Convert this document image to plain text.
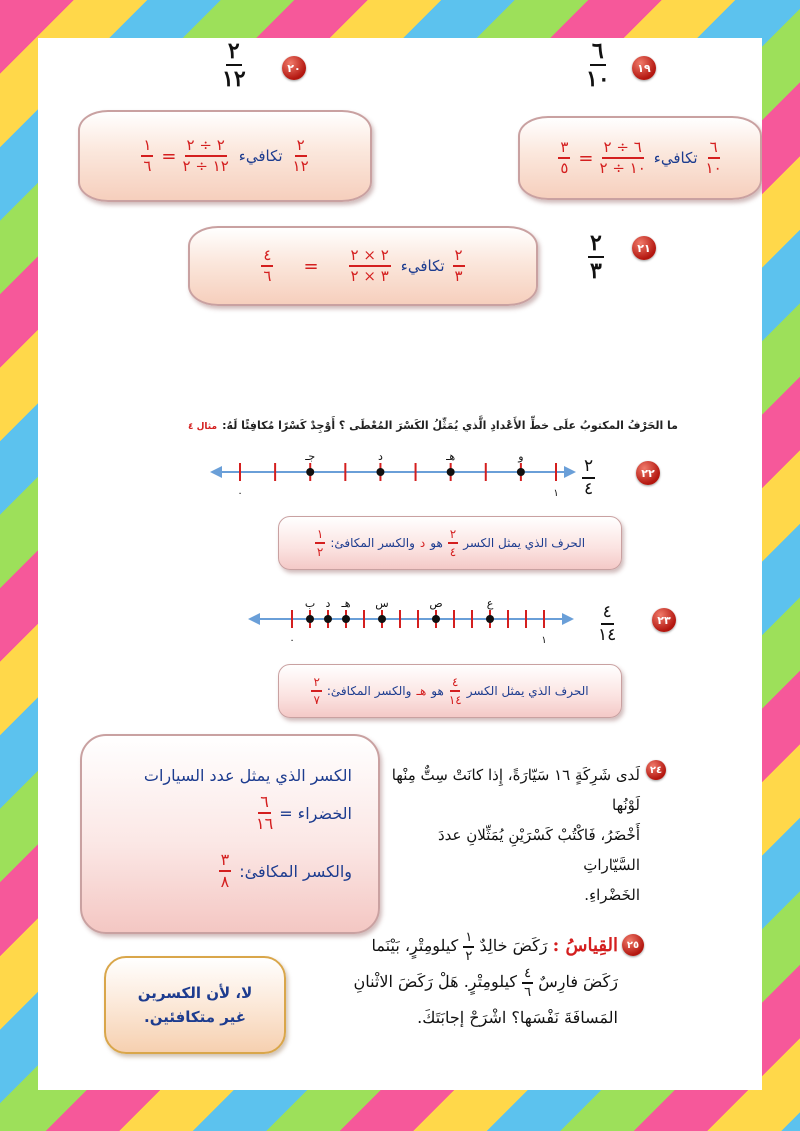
٢٠
$\frac{٢}{١٢}$
$\frac{٢}{١٢}$
تكافيء
$\frac{٢ \div ٢}{١٢ \div ٢}$
=
$\frac{١}{٦}$
١٩
$\frac{٦}{١٠}$
$\frac{٦}{١٠}$
تكافيء
$\frac{٦ \div ٢}{١٠ \div ٢}$
=
$\frac{٣}{٥}$
٢١
$\frac{٢}{٣}$
$\frac{٢}{٣}$
تكافيء
$\frac{٢ \times ٢}{٣ \times ٢}$
=
$\frac{٤}{٦}$
ما الحَرْفُ المكتوبُ علَى خطِّ الأَعْدادِ الَّذي يُمَثِّلُ الكَسْرَ المُعْطَى ؟ أَوْجِدْ كَسْرًا مُكافِئًا لَهُ: مثال ٤
٢٢
$\frac{٢}{٤}$
جـ	د	هـ	و
٠	١
الحرف الذي يمثل الكسر
$\frac{٢}{٤}$
هو
د
والكسر المكافئ:
$\frac{١}{٢}$
٢٣
$\frac{٤}{١٤}$
ب د هـ س	ص	ع
٠	١
الحرف الذي يمثل الكسر
$\frac{٤}{١٤}$
هو
هـ
والكسر المكافئ:
$\frac{٢}{٧}$
٢٤
لَدى شَرِكَةٍ ١٦ سَيّارَةً، إِذا كانَتْ سِتٌّ مِنْها لَوْنُها
أَخْضَرُ، فَاكْتُبْ كَسْرَيْنِ يُمَثِّلانِ عددَ السَّيّاراتِ
الخَضْراءِ.
الكسر الذي يمثل عدد السيارات
الخضراء =
$\frac{٦}{١٦}$
والكسر المكافئ:
$\frac{٣}{٨}$
٢٥
القِياسُ : رَكَضَ خالِدٌ
$\frac{١}{٢}$
كيلومِتْرٍ، بَيْنَما
رَكَضَ فارِسٌ
$\frac{٤}{٦}$
كيلومِتْرٍ. هَلْ رَكَضَ الاثْنانِ
المَسافَةَ نَفْسَها؟ اشْرَحْ إجابَتَكَ.
لا، لأن الكسرين
غير متكافئين.
